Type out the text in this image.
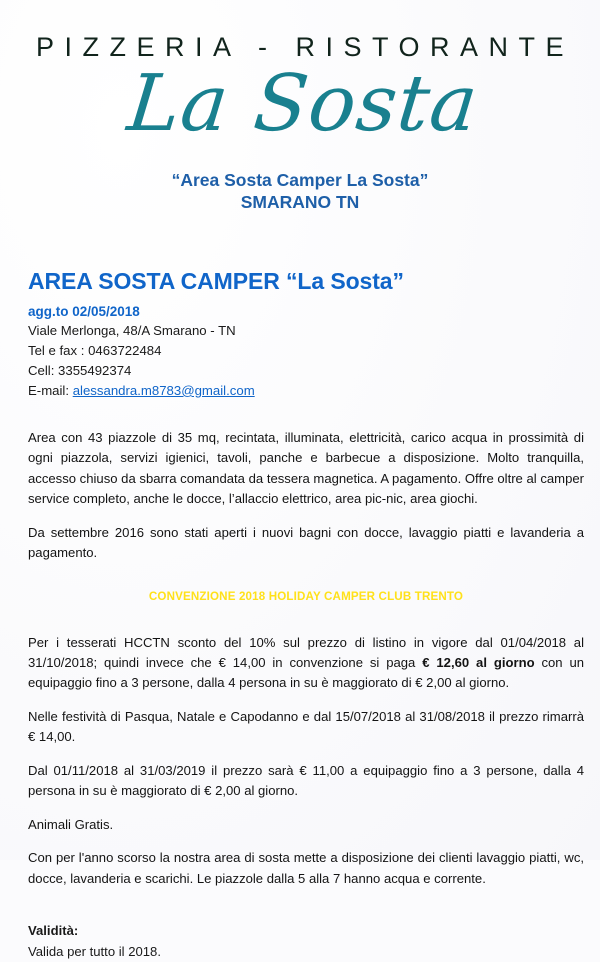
PIZZERIA - RISTORANTE
La Sosta
“Area Sosta Camper La Sosta”
SMARANO TN
AREA SOSTA CAMPER “La Sosta”
agg.to 02/05/2018
Viale Merlonga, 48/A Smarano - TN
Tel e fax : 0463722484
Cell: 3355492374
E-mail: alessandra.m8783@gmail.com

Area con 43 piazzole di 35 mq, recintata, illuminata, elettricità, carico acqua in prossimità di ogni piazzola, servizi igienici, tavoli, panche e barbecue a disposizione. Molto tranquilla, accesso chiuso da sbarra comandata da tessera magnetica. A pagamento. Offre oltre al camper service completo, anche le docce, l’allaccio elettrico, area pic-nic, area giochi.

Da settembre 2016 sono stati aperti i nuovi bagni con docce, lavaggio piatti e lavanderia a pagamento.

CONVENZIONE 2018 HOLIDAY CAMPER CLUB TRENTO

Per i tesserati HCCTN sconto del 10% sul prezzo di listino in vigore dal 01/04/2018 al 31/10/2018; quindi invece che € 14,00 in convenzione si paga € 12,60 al giorno con un equipaggio fino a 3 persone, dalla 4 persona in su è maggiorato di € 2,00 al giorno.

Nelle festività di Pasqua, Natale e Capodanno e dal 15/07/2018 al 31/08/2018 il prezzo rimarrà € 14,00.

Dal 01/11/2018 al 31/03/2019 il prezzo sarà € 11,00 a equipaggio fino a 3 persone, dalla 4 persona in su è maggiorato di € 2,00 al giorno.

Animali Gratis.

Con per l'anno scorso la nostra area di sosta mette a disposizione dei clienti lavaggio piatti, wc, docce, lavanderia e scarichi. Le piazzole dalla 5 alla 7 hanno acqua e corrente.

Validità:
Valida per tutto il 2018.
